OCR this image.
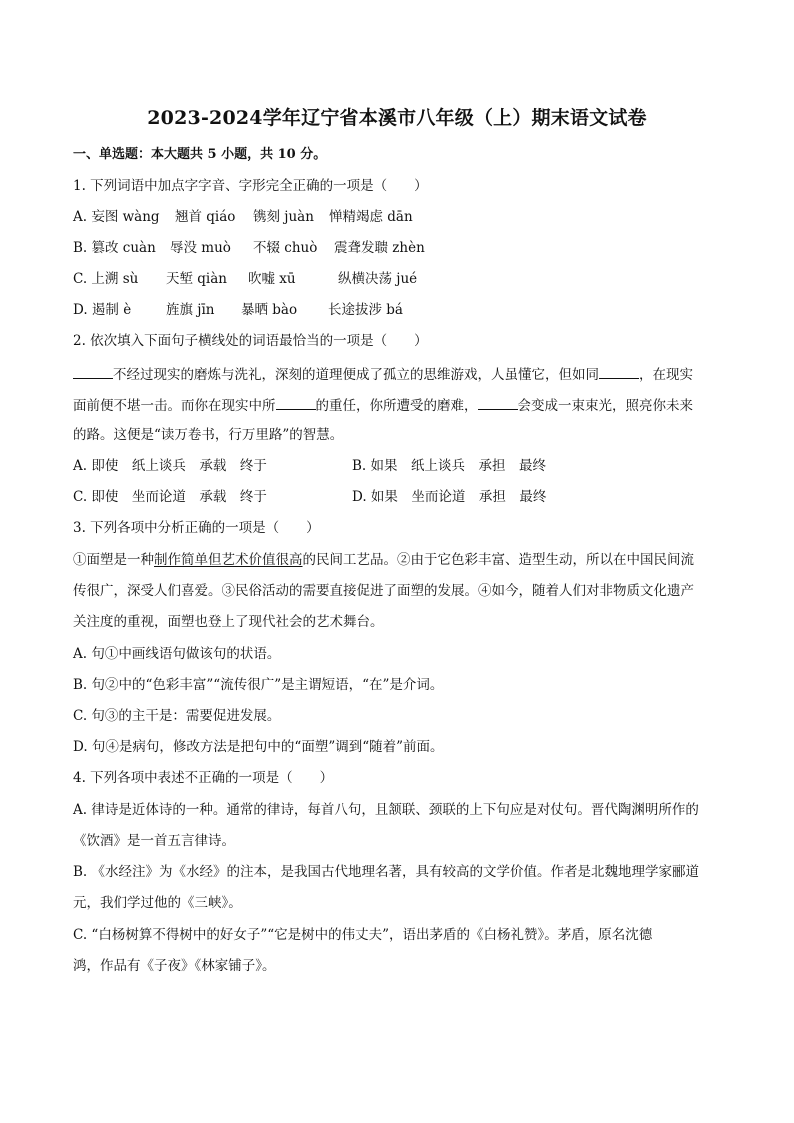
2023-2024学年辽宁省本溪市八年级（上）期末语文试卷
一、单选题：本大题共 5 小题，共 10 分。
1. 下列词语中加点字字音、字形完全正确的一项是（　　）
A. 妄图 wàng 翘首 qiáo 镌刻 juàn 惮精竭虑 dān
B. 篡改 cuàn 辱没 muò 不辍 chuò 震聋发聩 zhèn
C. 上溯 sù 天堑 qiàn 吹嘘 xū	纵横决荡 jué
D. 遏制 è	旌旗 jīn 暴晒 bào 长途拔涉 bá
2. 依次填入下面句子横线处的词语最恰当的一项是（　　）
不经过现实的磨炼与洗礼，深刻的道理便成了孤立的思维游戏，人虽懂它，但如同	，在现实
面前便不堪一击。而你在现实中所	的重任，你所遭受的磨难，	会变成一束束光，照亮你未来
的路。这便是“读万卷书，行万里路”的智慧。
A. 即使　纸上谈兵　承载　终于	B. 如果　纸上谈兵　承担　最终
C. 即使　坐而论道　承载　终于	D. 如果　坐而论道　承担　最终
3. 下列各项中分析正确的一项是（　　）
①面塑是一种制作简单但艺术价值很高的民间工艺品。②由于它色彩丰富、造型生动，所以在中国民间流
传很广，深受人们喜爱。③民俗活动的需要直接促进了面塑的发展。④如今，随着人们对非物质文化遗产
关注度的重视，面塑也登上了现代社会的艺术舞台。
A. 句①中画线语句做该句的状语。
B. 句②中的“色彩丰富”“流传很广”是主谓短语，“在”是介词。
C. 句③的主干是：需要促进发展。
D. 句④是病句，修改方法是把句中的“面塑”调到“随着”前面。
4. 下列各项中表述不正确的一项是（　　）
A. 律诗是近体诗的一种。通常的律诗，每首八句，且颔联、颈联的上下句应是对仗句。晋代陶渊明所作的
《饮酒》是一首五言律诗。
B. 《水经注》为《水经》的注本，是我国古代地理名著，具有较高的文学价值。作者是北魏地理学家郦道
元，我们学过他的《三峡》。
C. “白杨树算不得树中的好女子”“它是树中的伟丈夫”，语出茅盾的《白杨礼赞》。茅盾，原名沈德
鸿，作品有《子夜》《林家铺子》。
